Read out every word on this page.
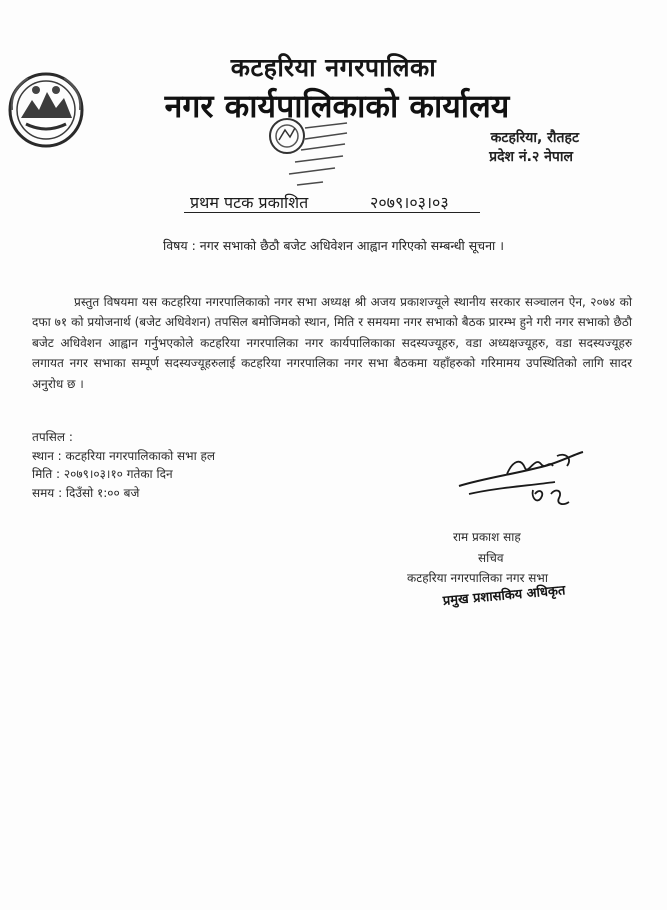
कटहरिया नगरपालिका
नगर कार्यपालिकाको कार्यालय
कटहरिया, रौतहट
प्रदेश नं.२ नेपाल
प्रथम पटक प्रकाशित	२०७९।०३।०३
विषय : नगर सभाको छैठौ बजेट अधिवेशन आह्वान गरिएको सम्बन्धी सूचना ।
प्रस्तुत विषयमा यस कटहरिया नगरपालिकाको नगर सभा अध्यक्ष श्री अजय प्रकाशज्यूले स्थानीय सरकार सञ्चालन ऐन, २०७४ को दफा ७१ को प्रयोजनार्थ (बजेट अधिवेशन) तपसिल बमोजिमको स्थान, मिति र समयमा नगर सभाको बैठक प्रारम्भ हुने गरी नगर सभाको छैठौ बजेट अधिवेशन आह्वान गर्नुभएकोले कटहरिया नगरपालिका नगर कार्यपालिकाका सदस्यज्यूहरु, वडा अध्यक्षज्यूहरु, वडा सदस्यज्यूहरु लगायत नगर सभाका सम्पूर्ण सदस्यज्यूहरुलाई कटहरिया नगरपालिका नगर सभा बैठकमा यहाँहरुको गरिमामय उपस्थितिको लागि सादर अनुरोध छ ।
तपसिल :
स्थान : कटहरिया नगरपालिकाको सभा हल
मिति : २०७९।०३।१० गतेका दिन
समय : दिउँसो १:०० बजे
राम प्रकाश साह
सचिव
कटहरिया नगरपालिका नगर सभा
प्रमुख प्रशासकिय अधिकृत
